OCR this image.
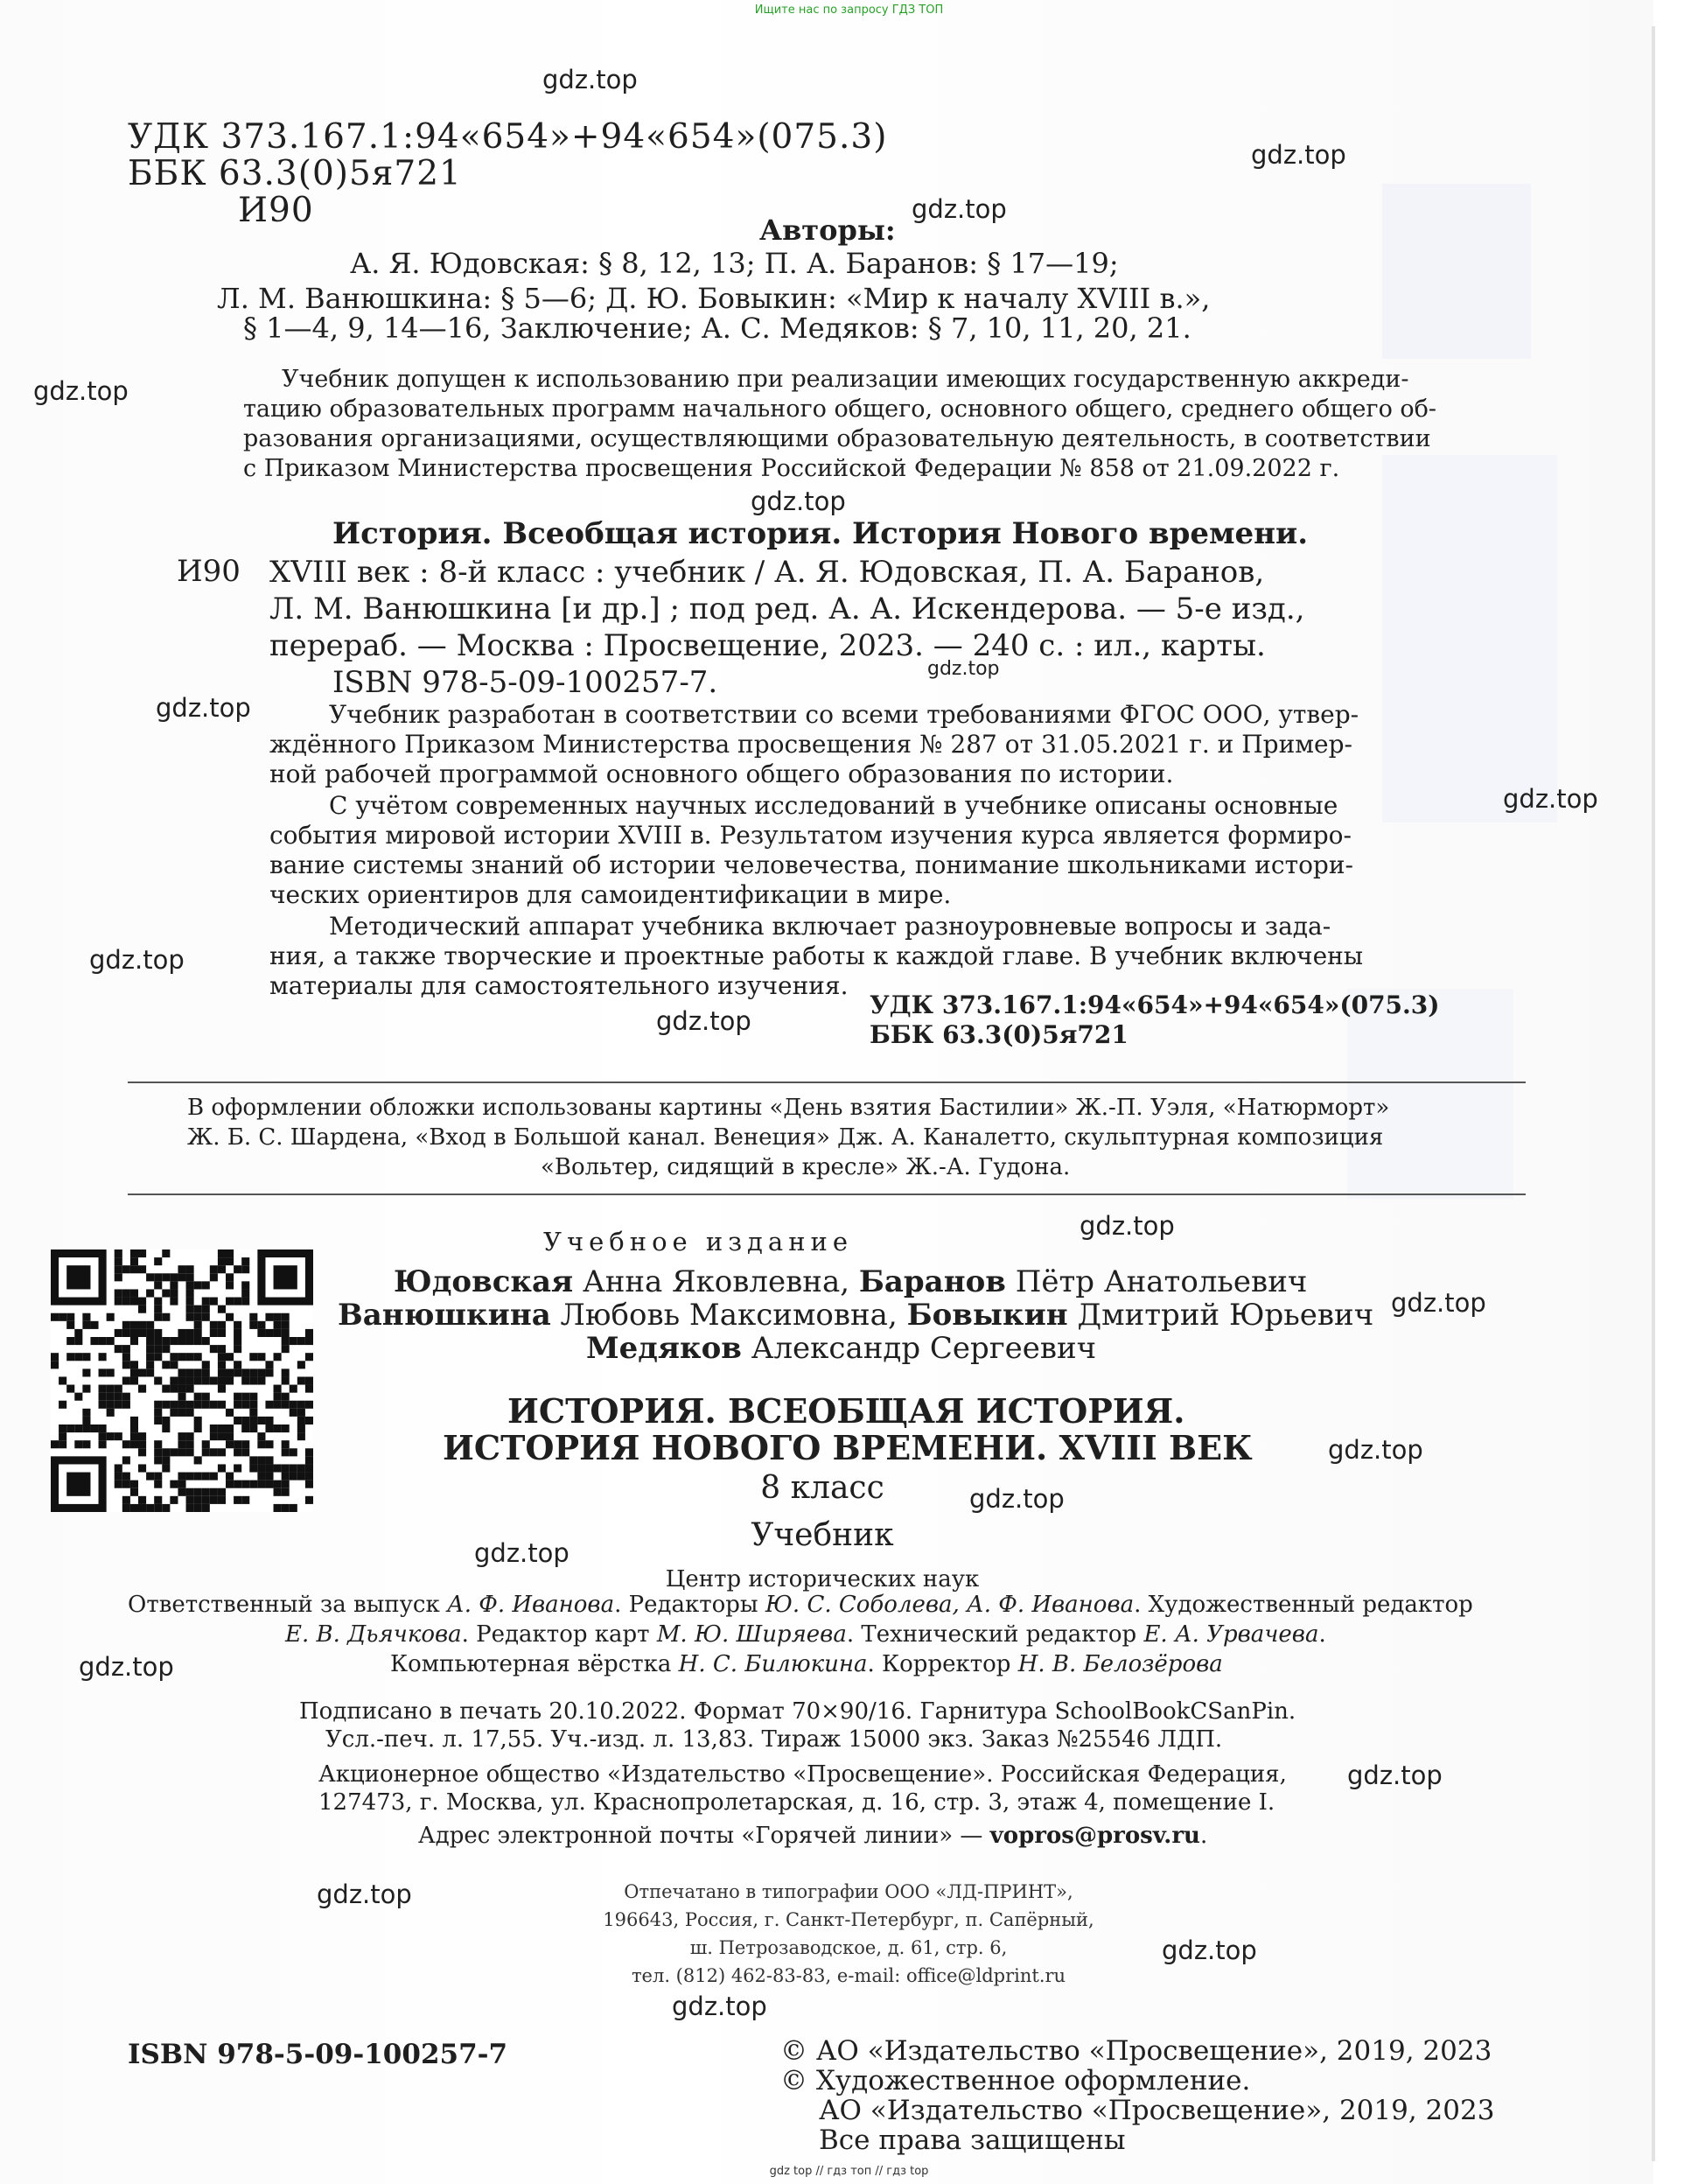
Ищите нас по запросу ГДЗ ТОП
gdz top // гдз топ // гдз top
УДК 373.167.1:94«654»+94«654»(075.3)
ББК 63.3(0)5я721
И90	Авторы:
А. Я. Юдовская: § 8, 12, 13; П. А. Баранов: § 17—19;
Л. М. Ванюшкина: § 5—6; Д. Ю. Бовыкин: «Мир к началу XVIII в.»,
§ 1—4, 9, 14—16, Заключение; А. С. Медяков: § 7, 10, 11, 20, 21.
Учебник допущен к использованию при реализации имеющих государственную аккреди-
тацию образовательных программ начального общего, основного общего, среднего общего об-
разования организациями, осуществляющими образовательную деятельность, в соответствии
с Приказом Министерства просвещения Российской Федерации № 858 от 21.09.2022 г.
История. Всеобщая история. История Нового времени.
И90 XVIII век : 8-й класс : учебник / А. Я. Юдовская, П. А. Баранов,
Л. М. Ванюшкина [и др.] ; под ред. А. А. Искендерова. — 5-е изд.,
перераб. — Москва : Просвещение, 2023. — 240 с. : ил., карты.
ISBN 978-5-09-100257-7.
Учебник разработан в соответствии со всеми требованиями ФГОС ООО, утвер-
ждённого Приказом Министерства просвещения № 287 от 31.05.2021 г. и Пример-
ной рабочей программой основного общего образования по истории.
С учётом современных научных исследований в учебнике описаны основные
события мировой истории XVIII в. Результатом изучения курса является формиро-
вание системы знаний об истории человечества, понимание школьниками истори-
ческих ориентиров для самоидентификации в мире.
Методический аппарат учебника включает разноуровневые вопросы и зада-
ния, а также творческие и проектные работы к каждой главе. В учебник включены
материалы для самостоятельного изучения.
УДК 373.167.1:94«654»+94«654»(075.3)
ББК 63.3(0)5я721
В оформлении обложки использованы картины «День взятия Бастилии» Ж.-П. Уэля, «Натюрморт»
Ж. Б. С. Шардена, «Вход в Большой канал. Венеция» Дж. А. Каналетто, скульптурная композиция
«Вольтер, сидящий в кресле» Ж.-А. Гудона.
Учебное издание
Юдовская Анна Яковлевна, Баранов Пётр Анатольевич
Ванюшкина Любовь Максимовна, Бовыкин Дмитрий Юрьевич
Медяков Александр Сергеевич
ИСТОРИЯ. ВСЕОБЩАЯ ИСТОРИЯ.
ИСТОРИЯ НОВОГО ВРЕМЕНИ. XVIII ВЕК
8 класс
Учебник
Центр исторических наук
Ответственный за выпуск А. Ф. Иванова. Редакторы Ю. С. Соболева, А. Ф. Иванова. Художественный редактор
Е. В. Дьячкова. Редактор карт М. Ю. Ширяева. Технический редактор Е. А. Урвачева.
Компьютерная вёрстка Н. С. Билюкина. Корректор Н. В. Белозёрова
Подписано в печать 20.10.2022. Формат 70×90/16. Гарнитура SchoolBookCSanPin.
Усл.-печ. л. 17,55. Уч.-изд. л. 13,83. Тираж 15000 экз. Заказ №25546 ЛДП.
Акционерное общество «Издательство «Просвещение». Российская Федерация,
127473, г. Москва, ул. Краснопролетарская, д. 16, стр. 3, этаж 4, помещение I.
Адрес электронной почты «Горячей линии» — vopros@prosv.ru.
Отпечатано в типографии ООО «ЛД-ПРИНТ»,
196643, Россия, г. Санкт-Петербург, п. Сапёрный,
ш. Петрозаводское, д. 61, стр. 6,
тел. (812) 462-83-83, e-mail: office@ldprint.ru
ISBN 978-5-09-100257-7	© АО «Издательство «Просвещение», 2019, 2023
© Художественное оформление.
АО «Издательство «Просвещение», 2019, 2023
Все права защищены
gdz.top
gdz.top
gdz.top
gdz.top
gdz.top
gdz.top
gdz.top
gdz.top
gdz.top
gdz.top
gdz.top
gdz.top
gdz.top
gdz.top
gdz.top
gdz.top
gdz.top
gdz.top
gdz.top
gdz.top
